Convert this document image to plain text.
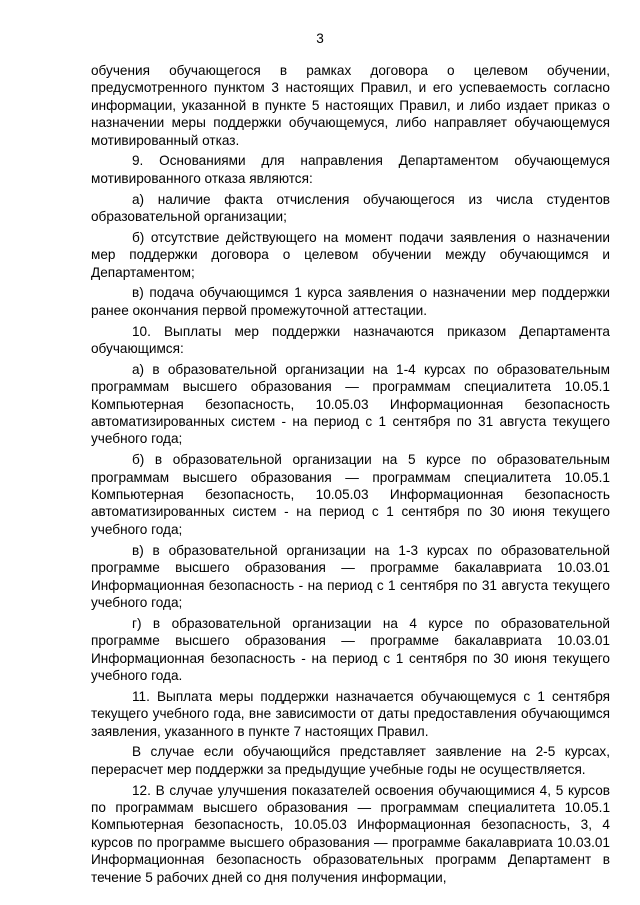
3

обучения обучающегося в рамках договора о целевом обучении, предусмотренного пунктом 3 настоящих Правил, и его успеваемость согласно информации, указанной в пункте 5 настоящих Правил, и либо издает приказ о назначении меры поддержки обучающемуся, либо направляет обучающемуся мотивированный отказ.

9. Основаниями для направления Департаментом обучающемуся мотивированного отказа являются:

а) наличие факта отчисления обучающегося из числа студентов образовательной организации;

б) отсутствие действующего на момент подачи заявления о назначении мер поддержки договора о целевом обучении между обучающимся и Департаментом;

в) подача обучающимся 1 курса заявления о назначении мер поддержки ранее окончания первой промежуточной аттестации.

10. Выплаты мер поддержки назначаются приказом Департамента обучающимся:

а) в образовательной организации на 1-4 курсах по образовательным программам высшего образования — программам специалитета 10.05.1 Компьютерная безопасность, 10.05.03 Информационная безопасность автоматизированных систем - на период с 1 сентября по 31 августа текущего учебного года;

б) в образовательной организации на 5 курсе по образовательным программам высшего образования — программам специалитета 10.05.1 Компьютерная безопасность, 10.05.03 Информационная безопасность автоматизированных систем - на период с 1 сентября по 30 июня текущего учебного года;

в) в образовательной организации на 1-3 курсах по образовательной программе высшего образования — программе бакалавриата 10.03.01 Информационная безопасность - на период с 1 сентября по 31 августа текущего учебного года;

г) в образовательной организации на 4 курсе по образовательной программе высшего образования — программе бакалавриата 10.03.01 Информационная безопасность - на период с 1 сентября по 30 июня текущего учебного года.

11. Выплата меры поддержки назначается обучающемуся с 1 сентября текущего учебного года, вне зависимости от даты предоставления обучающимся заявления, указанного в пункте 7 настоящих Правил.

В случае если обучающийся представляет заявление на 2-5 курсах, перерасчет мер поддержки за предыдущие учебные годы не осуществляется.

12. В случае улучшения показателей освоения обучающимися 4, 5 курсов по программам высшего образования — программам специалитета 10.05.1 Компьютерная безопасность, 10.05.03 Информационная безопасность, 3, 4 курсов по программе высшего образования — программе бакалавриата 10.03.01 Информационная безопасность образовательных программ Департамент в течение 5 рабочих дней со дня получения информации,
